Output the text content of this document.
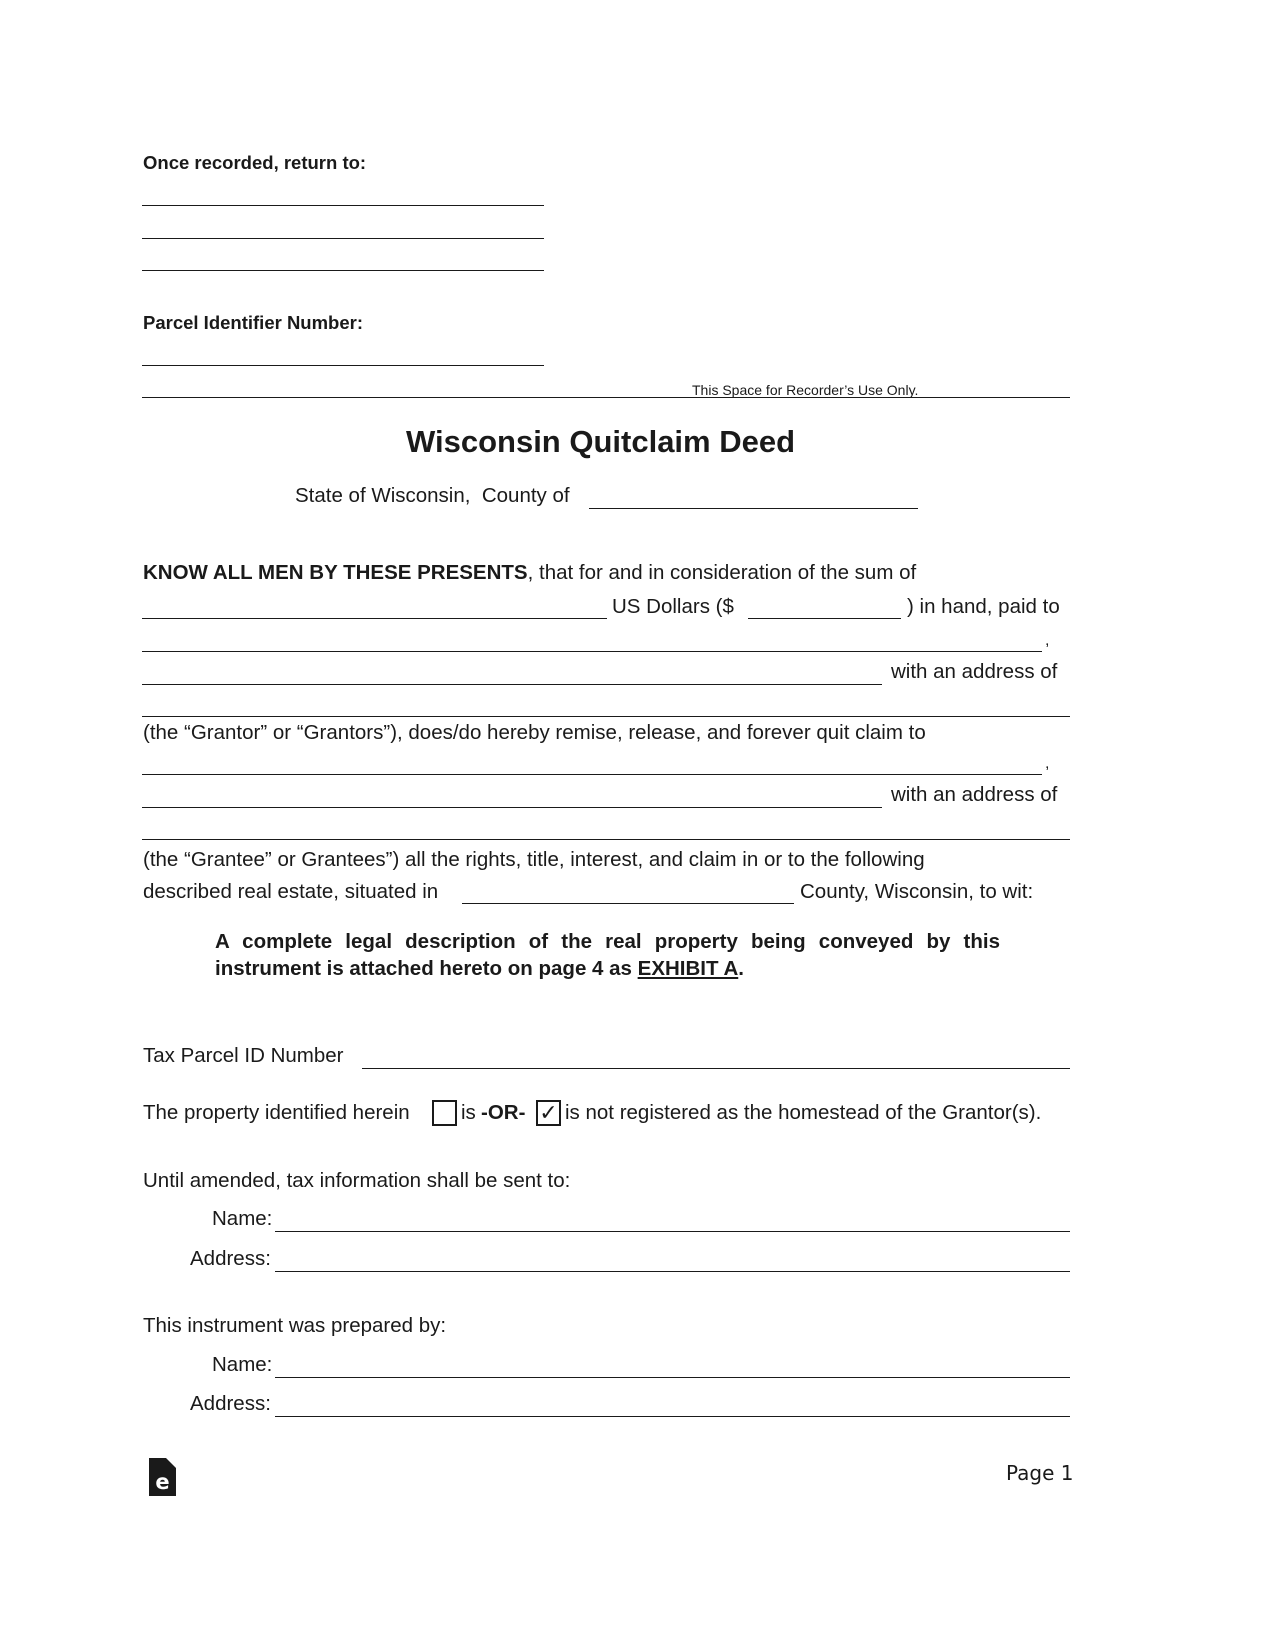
Once recorded, return to:
Parcel Identifier Number:
This Space for Recorder’s Use Only.
Wisconsin Quitclaim Deed
State of Wisconsin,  County of
KNOW ALL MEN BY THESE PRESENTS, that for and in consideration of the sum of
US Dollars ($	) in hand, paid to
,
with an address of
(the “Grantor” or “Grantors”), does/do hereby remise, release, and forever quit claim to
,
with an address of
(the “Grantee” or Grantees”) all the rights, title, interest, and claim in or to the following
described real estate, situated in	County, Wisconsin, to wit:
A complete legal description of the real property being conveyed by this instrument is attached hereto on page 4 as EXHIBIT A.
Tax Parcel ID Number
The property identified herein	is -OR- ✓ is not registered as the homestead of the Grantor(s).
Until amended, tax information shall be sent to:
Name:
Address:
This instrument was prepared by:
Name:
Address:
e	Page 1
